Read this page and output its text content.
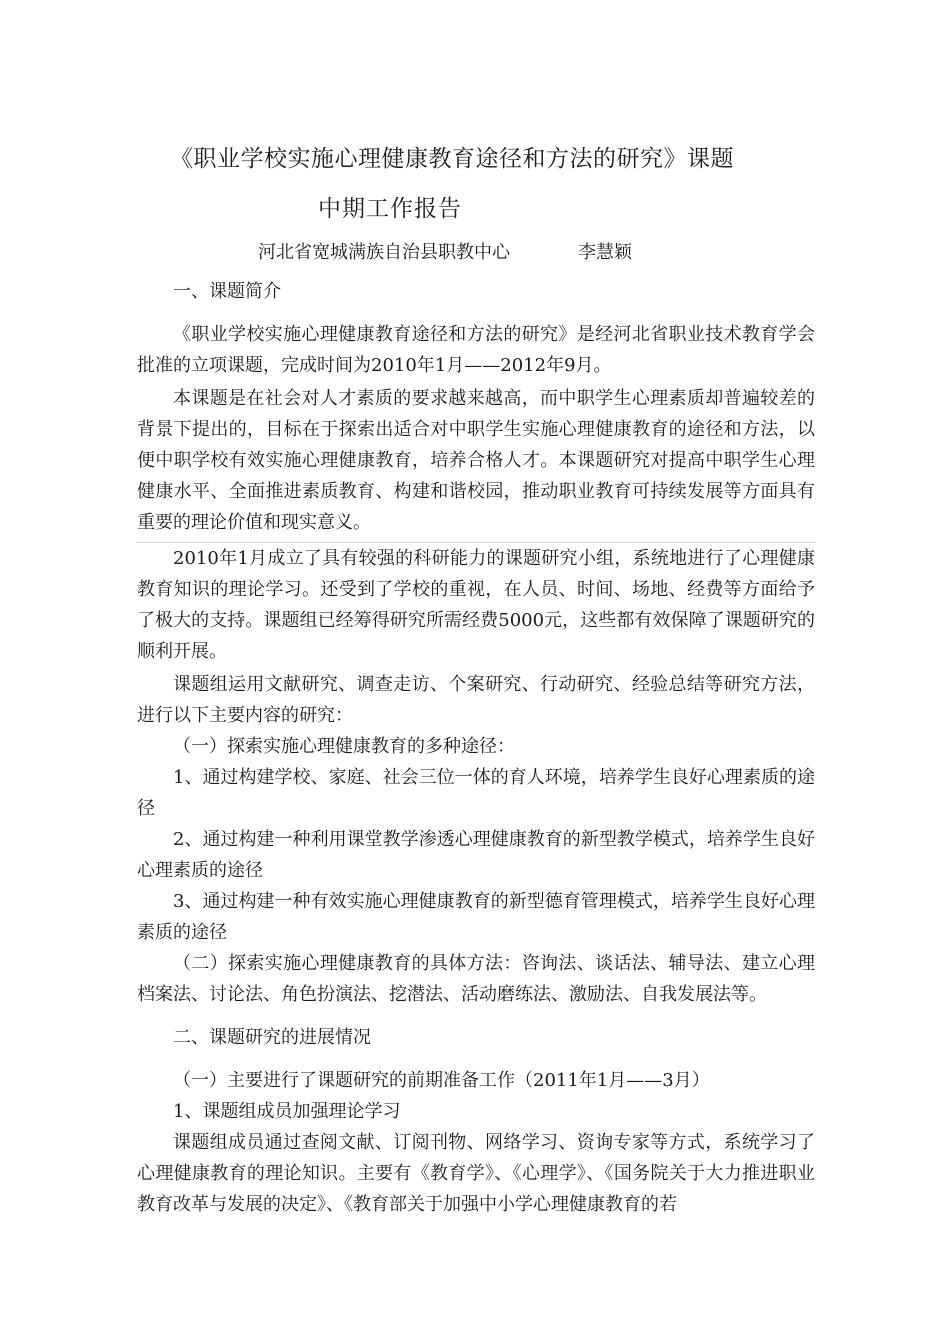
《职业学校实施心理健康教育途径和方法的研究》课题
中期工作报告
河北省宽城满族自治县职教中心	李慧颖

一、课题简介

《职业学校实施心理健康教育途径和方法的研究》是经河北省职业技术教育学会批准的立项课题，完成时间为2010年1月——2012年9月。

本课题是在社会对人才素质的要求越来越高，而中职学生心理素质却普遍较差的背景下提出的，目标在于探索出适合对中职学生实施心理健康教育的途径和方法，以便中职学校有效实施心理健康教育，培养合格人才。本课题研究对提高中职学生心理健康水平、全面推进素质教育、构建和谐校园，推动职业教育可持续发展等方面具有重要的理论价值和现实意义。

2010年1月成立了具有较强的科研能力的课题研究小组，系统地进行了心理健康教育知识的理论学习。还受到了学校的重视，在人员、时间、场地、经费等方面给予了极大的支持。课题组已经筹得研究所需经费5000元，这些都有效保障了课题研究的顺利开展。

课题组运用文献研究、调查走访、个案研究、行动研究、经验总结等研究方法，进行以下主要内容的研究：

（一）探索实施心理健康教育的多种途径：

1、通过构建学校、家庭、社会三位一体的育人环境，培养学生良好心理素质的途径

2、通过构建一种利用课堂教学渗透心理健康教育的新型教学模式，培养学生良好心理素质的途径

3、通过构建一种有效实施心理健康教育的新型德育管理模式，培养学生良好心理素质的途径

（二）探索实施心理健康教育的具体方法：咨询法、谈话法、辅导法、建立心理档案法、讨论法、角色扮演法、挖潜法、活动磨练法、激励法、自我发展法等。

二、课题研究的进展情况

（一）主要进行了课题研究的前期准备工作（2011年1月——3月）

1、课题组成员加强理论学习

课题组成员通过查阅文献、订阅刊物、网络学习、资询专家等方式，系统学习了心理健康教育的理论知识。主要有《教育学》、《心理学》、《国务院关于大力推进职业教育改革与发展的决定》、《教育部关于加强中小学心理健康教育的若
